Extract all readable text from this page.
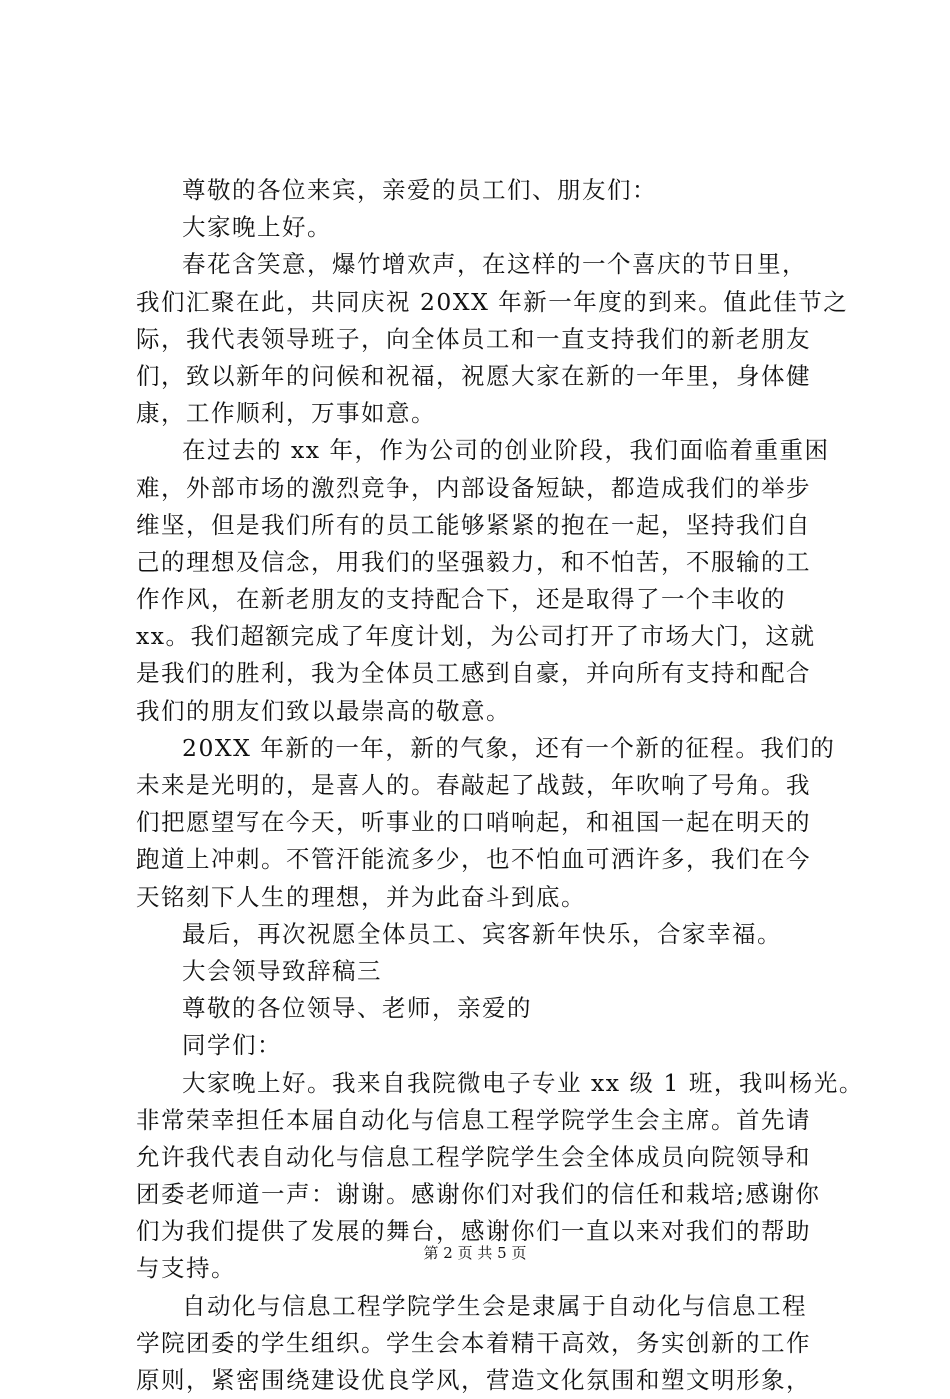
尊敬的各位来宾，亲爱的员工们、朋友们：
大家晚上好。
春花含笑意，爆竹增欢声，在这样的一个喜庆的节日里，
我们汇聚在此，共同庆祝 20XX 年新一年度的到来。值此佳节之
际，我代表领导班子，向全体员工和一直支持我们的新老朋友
们，致以新年的问候和祝福，祝愿大家在新的一年里，身体健
康，工作顺利，万事如意。
在过去的 xx 年，作为公司的创业阶段，我们面临着重重困
难，外部市场的激烈竞争，内部设备短缺，都造成我们的举步
维坚，但是我们所有的员工能够紧紧的抱在一起，坚持我们自
己的理想及信念，用我们的坚强毅力，和不怕苦，不服输的工
作作风，在新老朋友的支持配合下，还是取得了一个丰收的
xx。我们超额完成了年度计划，为公司打开了市场大门，这就
是我们的胜利，我为全体员工感到自豪，并向所有支持和配合
我们的朋友们致以最崇高的敬意。
20XX 年新的一年，新的气象，还有一个新的征程。我们的
未来是光明的，是喜人的。春敲起了战鼓，年吹响了号角。我
们把愿望写在今天，听事业的口哨响起，和祖国一起在明天的
跑道上冲刺。不管汗能流多少，也不怕血可洒许多，我们在今
天铭刻下人生的理想，并为此奋斗到底。
最后，再次祝愿全体员工、宾客新年快乐，合家幸福。
大会领导致辞稿三
尊敬的各位领导、老师，亲爱的
同学们：
大家晚上好。我来自我院微电子专业 xx 级 1 班，我叫杨光。
非常荣幸担任本届自动化与信息工程学院学生会主席。首先请
允许我代表自动化与信息工程学院学生会全体成员向院领导和
团委老师道一声：谢谢。感谢你们对我们的信任和栽培;感谢你
们为我们提供了发展的舞台，感谢你们一直以来对我们的帮助
与支持。
自动化与信息工程学院学生会是隶属于自动化与信息工程
学院团委的学生组织。学生会本着精干高效，务实创新的工作
原则，紧密围绕建设优良学风，营造文化氛围和塑文明形象，
第 2 页 共 5 页
